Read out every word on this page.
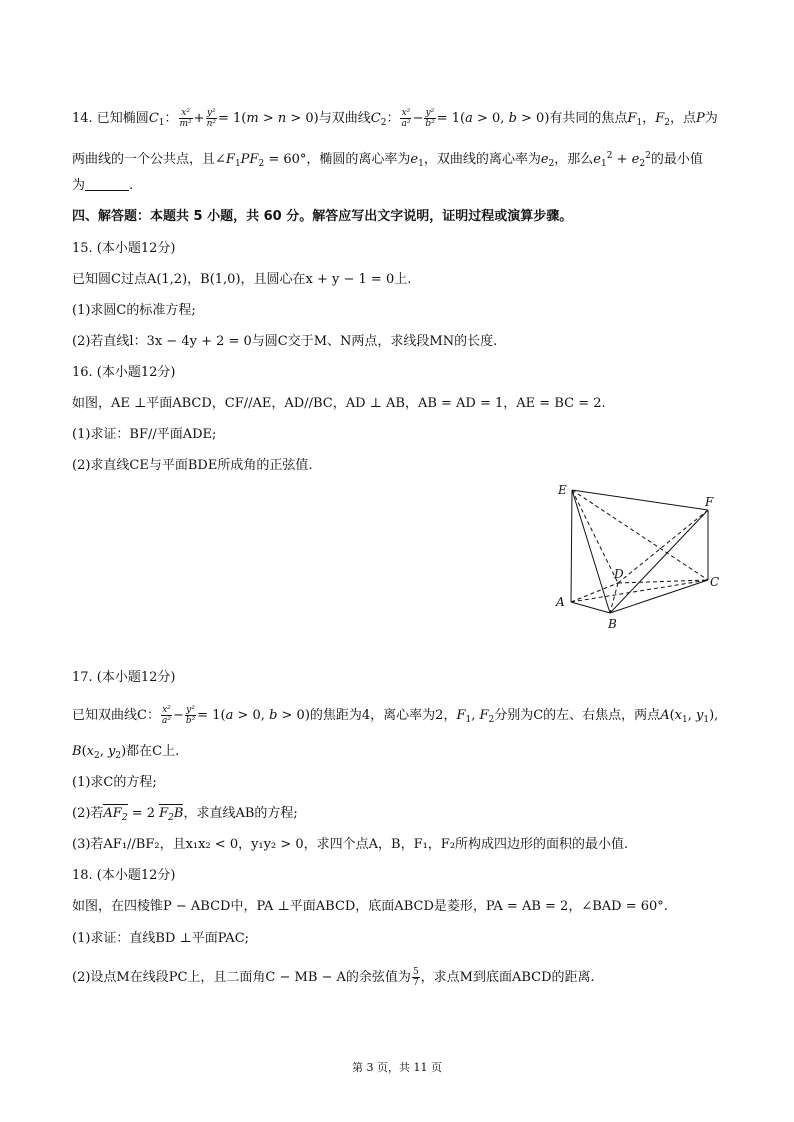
14. 已知椭圆$C_1$： $\frac{\text{x²}}{\text{m²}} + \frac{\text{y²}}{\text{n²}} = 1(m > n > 0)$与双曲线$C_2$： $\frac{\text{x²}}{\text{a²}} - \frac{\text{y²}}{\text{b²}} = 1(a > 0$, b > 0)有共同的焦点$F_1$，$F_2$，点P为
两曲线的一个公共点，且$\angle F_1PF_2 = 60^\circ$，椭圆的离心率为$e_1$，双曲线的离心率为$e_2$，那么$e_1^2 + e_2^2$的最小值
为	.
四、解答题：本题共 5 小题，共 60 分。解答应写出文字说明，证明过程或演算步骤。
15. (本小题12分)
已知圆C过点A(1,2)，B(1,0)，且圆心在x + y − 1 = 0上.
(1)求圆C的标准方程;
(2)若直线l：3x − 4y + 2 = 0与圆C交于M、N两点，求线段MN的长度.
16. (本小题12分)
如图，AE ⊥平面ABCD，CF//AE，AD//BC，AD ⊥ AB，AB = AD = 1，AE = BC = 2.
(1)求证：BF//平面ADE;
(2)求直线CE与平面BDE所成角的正弦值.
E
F
D
C
A
B
17. (本小题12分)
已知双曲线C： $\frac{\text{x²}}{\text{a²}} - \frac{\text{y²}}{\text{b²}} = 1(a > 0$, b > 0)的焦距为4，离心率为2，$F_1$, $F_2$分别为C的左、右焦点，两点$A(x_1$, $y_1$),
$B(x_2$, $y_2$)都在C上.
(1)求C的方程;
(2)若$AF_2 = 2$ $F_2B$，求直线AB的方程;
(3)若AF₁//BF₂，且x₁x₂ < 0，y₁y₂ > 0，求四个点A，B，F₁，F₂所构成四边形的面积的最小值.
18. (本小题12分)
如图，在四棱锥P − ABCD中，PA ⊥平面ABCD，底面ABCD是菱形，PA = AB = 2，∠BAD = 60°.
(1)求证：直线BD ⊥平面PAC;
(2)设点M在线段PC上，且二面角C − MB − A的余弦值为 $\frac{5}{7}$ ，求点M到底面ABCD的距离.
第 3 页，共 11 页
